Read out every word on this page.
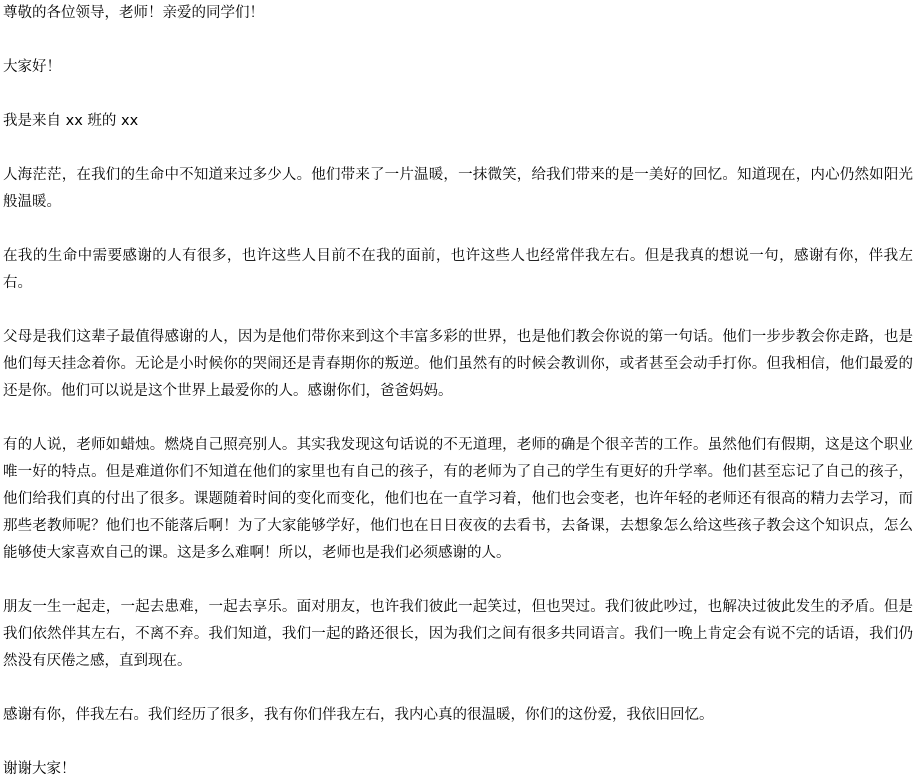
尊敬的各位领导，老师！亲爱的同学们！

大家好！

我是来自 xx 班的 xx

人海茫茫，在我们的生命中不知道来过多少人。他们带来了一片温暖，一抹微笑，给我们带来的是一美好的回忆。知道现在，内心仍然如阳光般温暖。

在我的生命中需要感谢的人有很多，也许这些人目前不在我的面前，也许这些人也经常伴我左右。但是我真的想说一句，感谢有你，伴我左右。

父母是我们这辈子最值得感谢的人，因为是他们带你来到这个丰富多彩的世界，也是他们教会你说的第一句话。他们一步步教会你走路，也是他们每天挂念着你。无论是小时候你的哭闹还是青春期你的叛逆。他们虽然有的时候会教训你，或者甚至会动手打你。但我相信，他们最爱的还是你。他们可以说是这个世界上最爱你的人。感谢你们，爸爸妈妈。

有的人说，老师如蜡烛。燃烧自己照亮别人。其实我发现这句话说的不无道理，老师的确是个很辛苦的工作。虽然他们有假期，这是这个职业唯一好的特点。但是难道你们不知道在他们的家里也有自己的孩子，有的老师为了自己的学生有更好的升学率。他们甚至忘记了自己的孩子，他们给我们真的付出了很多。课题随着时间的变化而变化，他们也在一直学习着，他们也会变老，也许年轻的老师还有很高的精力去学习，而那些老教师呢？他们也不能落后啊！为了大家能够学好，他们也在日日夜夜的去看书，去备课，去想象怎么给这些孩子教会这个知识点，怎么能够使大家喜欢自己的课。这是多么难啊！所以，老师也是我们必须感谢的人。

朋友一生一起走，一起去患难，一起去享乐。面对朋友，也许我们彼此一起笑过，但也哭过。我们彼此吵过，也解决过彼此发生的矛盾。但是我们依然伴其左右，不离不弃。我们知道，我们一起的路还很长，因为我们之间有很多共同语言。我们一晚上肯定会有说不完的话语，我们仍然没有厌倦之感，直到现在。

感谢有你，伴我左右。我们经历了很多，我有你们伴我左右，我内心真的很温暖，你们的这份爱，我依旧回忆。

谢谢大家！
